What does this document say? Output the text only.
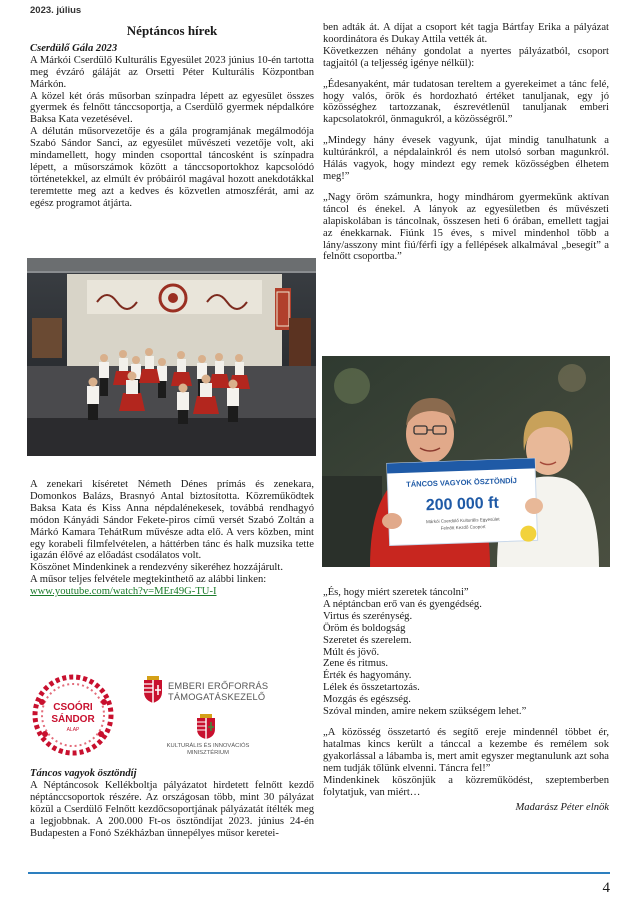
2023. július

Néptáncos hírek

Cserdülő Gála 2023

A Márkói Cserdülő Kulturális Egyesület 2023 június 10-én tartotta meg évzáró gáláját az Orsetti Péter Kulturális Központban Márkón.

A közel két órás műsorban színpadra lépett az egyesület összes gyermek és felnőtt tánccsoportja, a Cserdülő gyermek népdalkóre Baksa Kata vezetésével.

A délután műsorvezetője és a gála programjának megálmodója Szabó Sándor Sanci, az egyesület művészeti vezetője volt, aki mindamellett, hogy minden csoporttal táncosként is színpadra lépett, a műsorszámok között a tánccsoportokhoz kapcsolódó történetekkel, az elmúlt év próbáiról magával hozott anekdotákkal teremtette meg azt a kedves és közvetlen atmoszférát, ami az egész programot átjárta.

A zenekari kíséretet Németh Dénes prímás és zenekara, Domonkos Balázs, Brasnyó Antal biztosította. Közreműködtek Baksa Kata és Kiss Anna népdalénekesek, továbbá rendhagyó módon Kányádi Sándor Fekete-piros című versét Szabó Zoltán a Márkó Kamara TehátRum művésze adta elő. A vers közben, mint egy korabeli filmfelvételen, a háttérben tánc és halk muzsika tette igazán élővé az előadást csodálatos volt.

Köszönet Mindenkinek a rendezvény sikeréhez hozzájárult.

A műsor teljes felvétele megtekinthető az alábbi linken:

www.youtube.com/watch?v=MEr49G-TU-I

CSOÓRI
SÁNDOR
ALAP
EMBERI ERŐFORRÁS
TÁMOGATÁSKEZELŐ
KULTURÁLIS ÉS INNOVÁCIÓS
MINISZTÉRIUM

Táncos vagyok ösztöndíj

A Néptáncosok Kellékboltja pályázatot hirdetett felnőtt kezdő néptánccsoportok részére. Az országosan több, mint 30 pályázat közül a Cserdülő Felnőtt kezdőcsoportjának pályázatát ítélték meg a legjobbnak. A 200.000 Ft-os ösztöndíjat 2023. június 24-én Budapesten a Fonó Székházban ünnepélyes műsor keretei-

ben adták át. A díjat a csoport két tagja Bártfay Erika a pályázat koordinátora és Dukay Attila vették át.

Következzen néhány gondolat a nyertes pályázatból, csoport tagjaitól (a teljesség igénye nélkül):

„Édesanyaként, már tudatosan tereltem a gyerekeimet a tánc felé, hogy valós, örök és hordozható értéket tanuljanak, egy jó közösséghez tartozzanak, észrevétlenül tanuljanak emberi kapcsolatokról, önmagukról, a közösségről.”

„Mindegy hány évesek vagyunk, újat mindig tanulhatunk a kultúránkról, a népdalainkról és nem utolsó sorban magunkról. Hálás vagyok, hogy mindezt egy remek közösségben élhetem meg!”

„Nagy öröm számunkra, hogy mindhárom gyermekünk aktívan táncol és énekel. A lányok az egyesületben és művészeti alapiskolában is táncolnak, összesen heti 6 órában, emellett tagjai az énekkarnak. Fiúnk 15 éves, s mivel mindenhol több a lány/asszony mint fiú/férfi így a fellépések alkalmával „besegít” a felnőtt csoportba.”

TÁNCOS VAGYOK ÖSZTÖNDÍJ
200 000 ft
Márkói Cserdülő Kulturális Egyesület
Felnőtt Kezdő Csoport

„És, hogy miért szeretek táncolni”

A néptáncban erő van és gyengédség.

Virtus és szerénység.

Öröm és boldogság

Szeretet és szerelem.

Múlt és jövő.

Zene és ritmus.

Érték és hagyomány.

Lélek és összetartozás.

Mozgás és egészség.

Szóval minden, amire nekem szükségem lehet.”

„A közösség összetartó és segítő ereje mindennél többet ér, hatalmas kincs került a tánccal a kezembe és remélem sok gyakorlással a lábamba is, mert amit egyszer megtanulunk azt soha nem tudják tőlünk elvenni. Táncra fel!”

Mindenkinek köszönjük a közreműködést, szeptemberben folytatjuk, van miért…

Madarász Péter elnök

4
